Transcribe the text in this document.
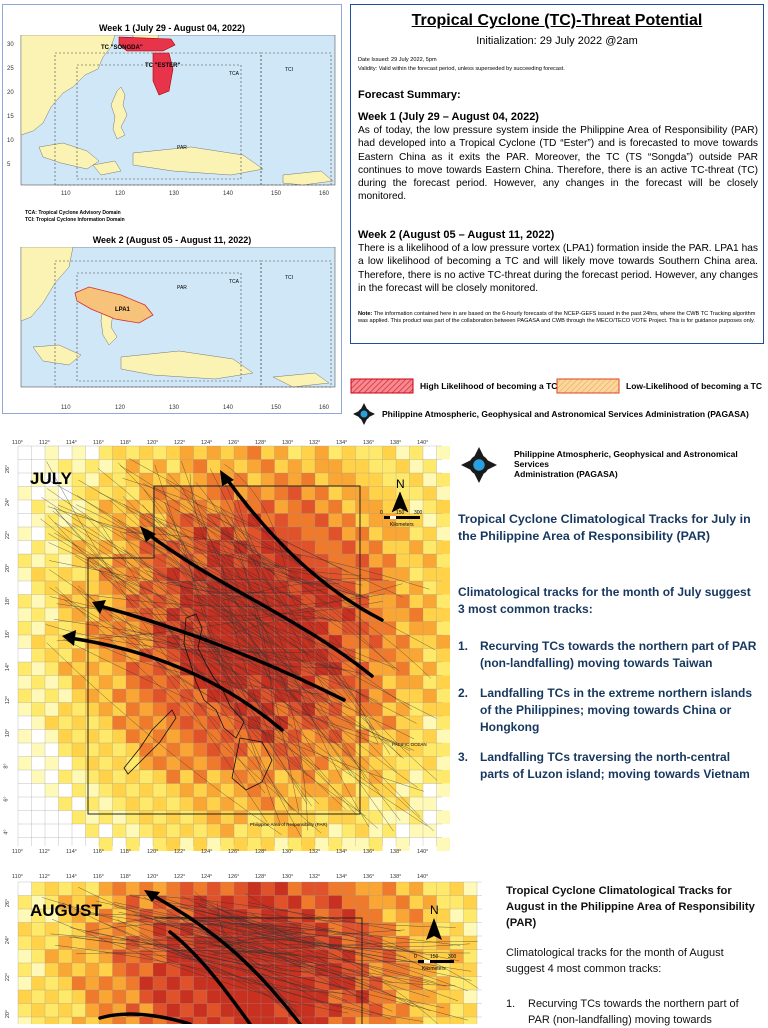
Week 1 (July 29 - August 04, 2022)
TC "SONGDA"
TC "ESTER"
TCA
TCI
PAR
30
25
20
15
10
5
110	120	130	140	150	160
TCA: Tropical Cyclone Advisory Domain
TCI: Tropical Cyclone Information Domain
Week 2 (August 05 - August 11, 2022)
LPA1
TCA
TCI
PAR
110	120	130	140	150	160
Tropical Cyclone (TC)-Threat Potential
Initialization: 29 July 2022 @2am
Date Issued: 29 July 2022, 5pm
Validity: Valid within the forecast period, unless superseded by succeeding forecast.
Forecast Summary:
Week 1 (July 29 – August 04, 2022)
As of today, the low pressure system inside the Philippine Area of Responsibility (PAR) had developed into a Tropical Cyclone (TD “Ester”) and is forecasted to move towards Eastern China as it exits the PAR. Moreover, the TC (TS “Songda”) outside PAR continues to move towards Eastern China. Therefore, there is an active TC-threat (TC) during the forecast period. However, any changes in the forecast will be closely monitored.
Week 2 (August 05 – August 11, 2022)
There is a likelihood of a low pressure vortex (LPA1) formation inside the PAR. LPA1 has a low likelihood of becoming a TC and will likely move towards Southern China area. Therefore, there is no active TC-threat during the forecast period. However, any changes in the forecast will be closely monitored.
Note: The information contained here in are based on the 6-hourly forecasts of the NCEP-GEFS issued in the past 24hrs, where the CWB TC Tracking algorithm was applied. This product was part of the collaboration between PAGASA and CWB through the MECO/TECO VOTE Project. This is for guidance purposes only.
High Likelihood of becoming a TC	Low-Likelihood of becoming a TC
Philippine Atmospheric, Geophysical and Astronomical Services Administration (PAGASA)
JULY
Philippine Area of Responsibility (PAR)
PACIFIC OCEAN
N
0	150 300
Kilometers
110°	112°	114°	116°	118°	120°	122°	124°	126°	128°	130°	132°	134°	136°	138°	140°
110°	112°	114°	116°	118°	120°	122°	124°	126°	128°	130°	132°	134°	136°	138°	140°
26°
24°
22°
20°
18°
16°
14°
12°
10°
8°
6°
4°
Philippine Atmospheric, Geophysical and Astronomical Services
Administration (PAGASA)
Tropical Cyclone Climatological Tracks for July in the Philippine Area of Responsibility (PAR)
Climatological tracks for the month of July suggest 3 most common tracks:
1. Recurving TCs towards the northern part of PAR (non-landfalling) moving towards Taiwan
2. Landfalling TCs in the extreme northern islands of the Philippines; moving towards China or Hongkong
3. Landfalling TCs traversing the north-central parts of Luzon island; moving towards Vietnam
AUGUST	N
0	150 300
Kilometers
110°	112°	114°	116°	118°	120°	122°	124°	126°	128°	130°	132°	134°	136°	138°	140°
26°
24°
22°
20°
Tropical Cyclone Climatological Tracks for August in the Philippine Area of Responsibility (PAR)
Climatological tracks for the month of August suggest 4 most common tracks:
1. Recurving TCs towards the northern part of PAR (non-landfalling) moving towards
